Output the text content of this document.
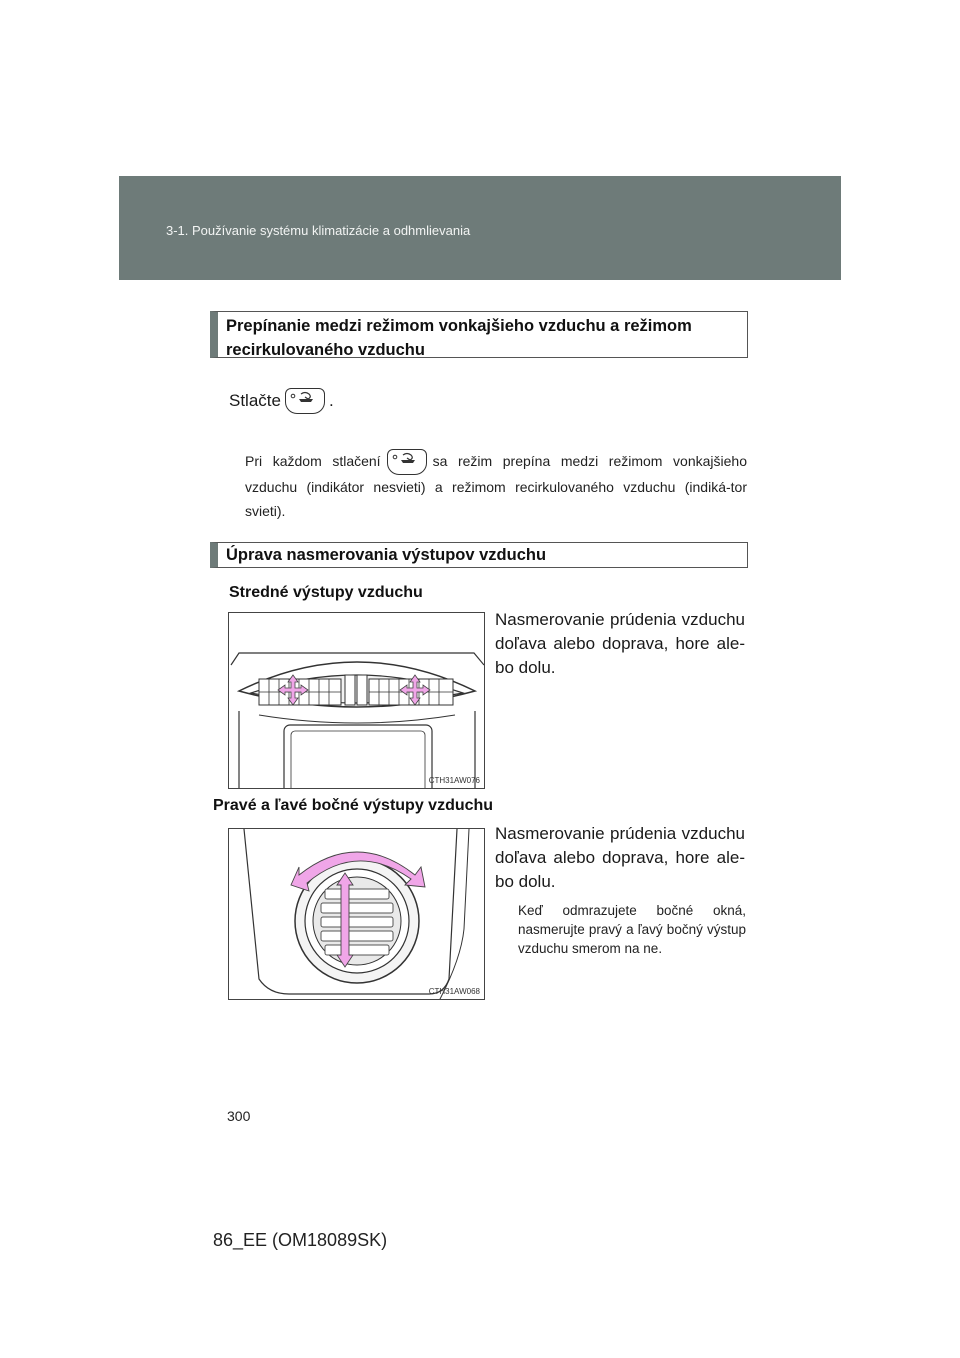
3-1. Používanie systému klimatizácie a odhmlievania
Prepínanie medzi režimom vonkajšieho vzduchu a režimom recirkulovaného vzduchu
Stlačte	.
Pri každom stlačení	sa režim prepína medzi režimom vonkajšieho vzduchu (indikátor nesvieti) a režimom recirkulovaného vzduchu (indiká-tor svieti).
Úprava nasmerovania výstupov vzduchu
Stredné výstupy vzduchu
CTH31AW076
Nasmerovanie prúdenia vzduchu doľava alebo doprava, hore ale-bo dolu.
Pravé a ľavé bočné výstupy vzduchu
CTH31AW068
Nasmerovanie prúdenia vzduchu doľava alebo doprava, hore ale-bo dolu.
Keď odmrazujete bočné okná, nasmerujte pravý a ľavý bočný výstup vzduchu smerom na ne.
300
86_EE (OM18089SK)
